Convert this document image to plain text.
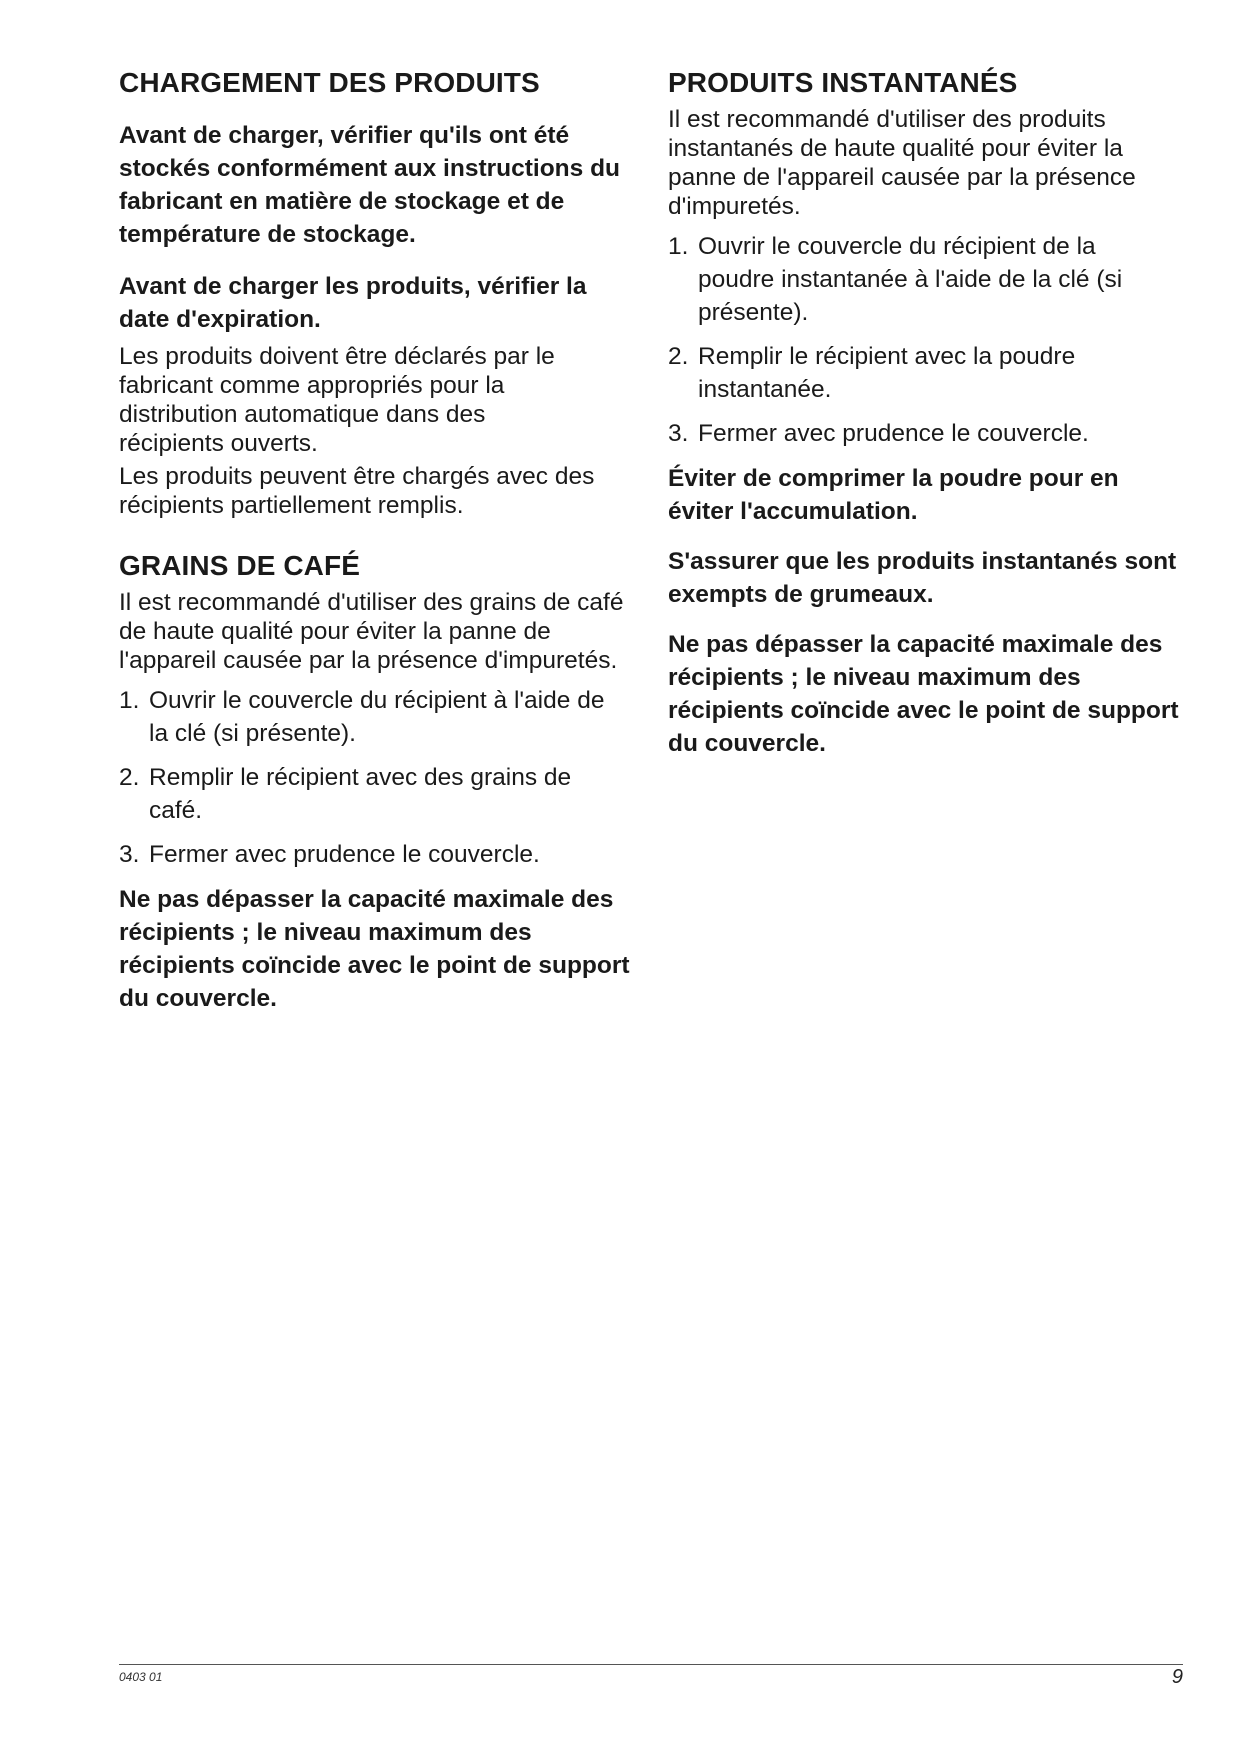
CHARGEMENT DES PRODUITS

Avant de charger, vérifier qu'ils ont été stockés conformément aux instructions du fabricant en matière de stockage et de température de stockage.

Avant de charger les produits, vérifier la date d'expiration.

Les produits doivent être déclarés par le fabricant comme appropriés pour la distribution automatique dans des récipients ouverts.

Les produits peuvent être chargés avec des récipients partiellement remplis.

GRAINS DE CAFÉ

Il est recommandé d'utiliser des grains de café de haute qualité pour éviter la panne de l'appareil causée par la présence d'impuretés.

1. Ouvrir le couvercle du récipient à l'aide de la clé (si présente).
2. Remplir le récipient avec des grains de café.
3. Fermer avec prudence le couvercle.

Ne pas dépasser la capacité maximale des récipients ; le niveau maximum des récipients coïncide avec le point de support du couvercle.

PRODUITS INSTANTANÉS

Il est recommandé d'utiliser des produits instantanés de haute qualité pour éviter la panne de l'appareil causée par la présence d'impuretés.

1. Ouvrir le couvercle du récipient de la poudre instantanée à l'aide de la clé (si présente).
2. Remplir le récipient avec la poudre instantanée.
3. Fermer avec prudence le couvercle.

Éviter de comprimer la poudre pour en éviter l'accumulation.

S'assurer que les produits instantanés sont exempts de grumeaux.

Ne pas dépasser la capacité maximale des récipients ; le niveau maximum des récipients coïncide avec le point de support du couvercle.

0403 01	9
